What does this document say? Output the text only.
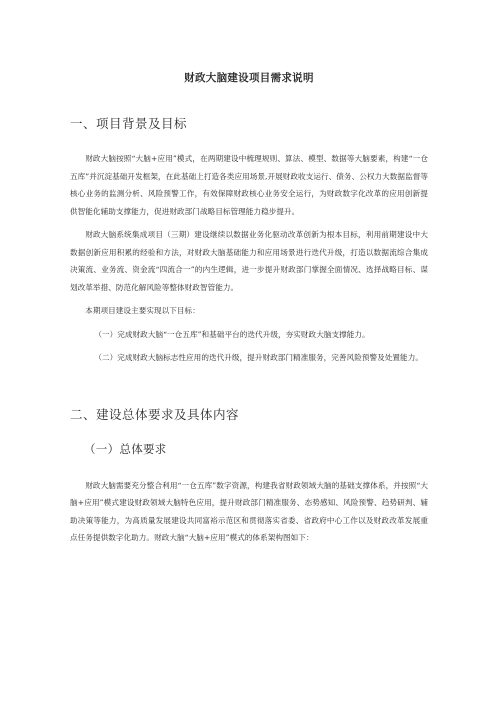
财政大脑建设项目需求说明
一、项目背景及目标

财政大脑按照“大脑+应用”模式，在两期建设中梳理规则、算法、模型、数据等大脑要素，构建“一仓五库”并沉淀基础开发框架，在此基础上打造各类应用场景,开展财政收支运行、债务、公权力大数据监督等核心业务的监测分析、风险预警工作，有效保障财政核心业务安全运行，为财政数字化改革的应用创新提供智能化辅助支撑能力，促进财政部门战略目标管理能力稳步提升。

财政大脑系统集成项目（三期）建设继续以数据业务化驱动改革创新为根本目标，利用前期建设中大数据创新应用积累的经验和方法，对财政大脑基础能力和应用场景进行迭代升级，打造以数据流综合集成决策流、业务流、资金流“四流合一”的内生逻辑，进一步提升财政部门掌握全面情况、选择战略目标、谋划改革举措、防范化解风险等整体财政智管能力。

本期项目建设主要实现以下目标：

（一）完成财政大脑“一仓五库”和基础平台的迭代升级，夯实财政大脑支撑能力。

（二）完成财政大脑标志性应用的迭代升级，提升财政部门精准服务，完善风险预警及处置能力。

二、建设总体要求及具体内容
（一）总体要求

财政大脑需要充分整合利用“一仓五库”数字资源，构建我省财政领域大脑的基础支撑体系，并按照“大脑+应用”模式建设财政领域大脑特色应用，提升财政部门精准服务、态势感知、风险预警、趋势研判、辅助决策等能力，为高质量发展建设共同富裕示范区和贯彻落实省委、省政府中心工作以及财政改革发展重点任务提供数字化助力。财政大脑“大脑+应用”模式的体系架构图如下：
